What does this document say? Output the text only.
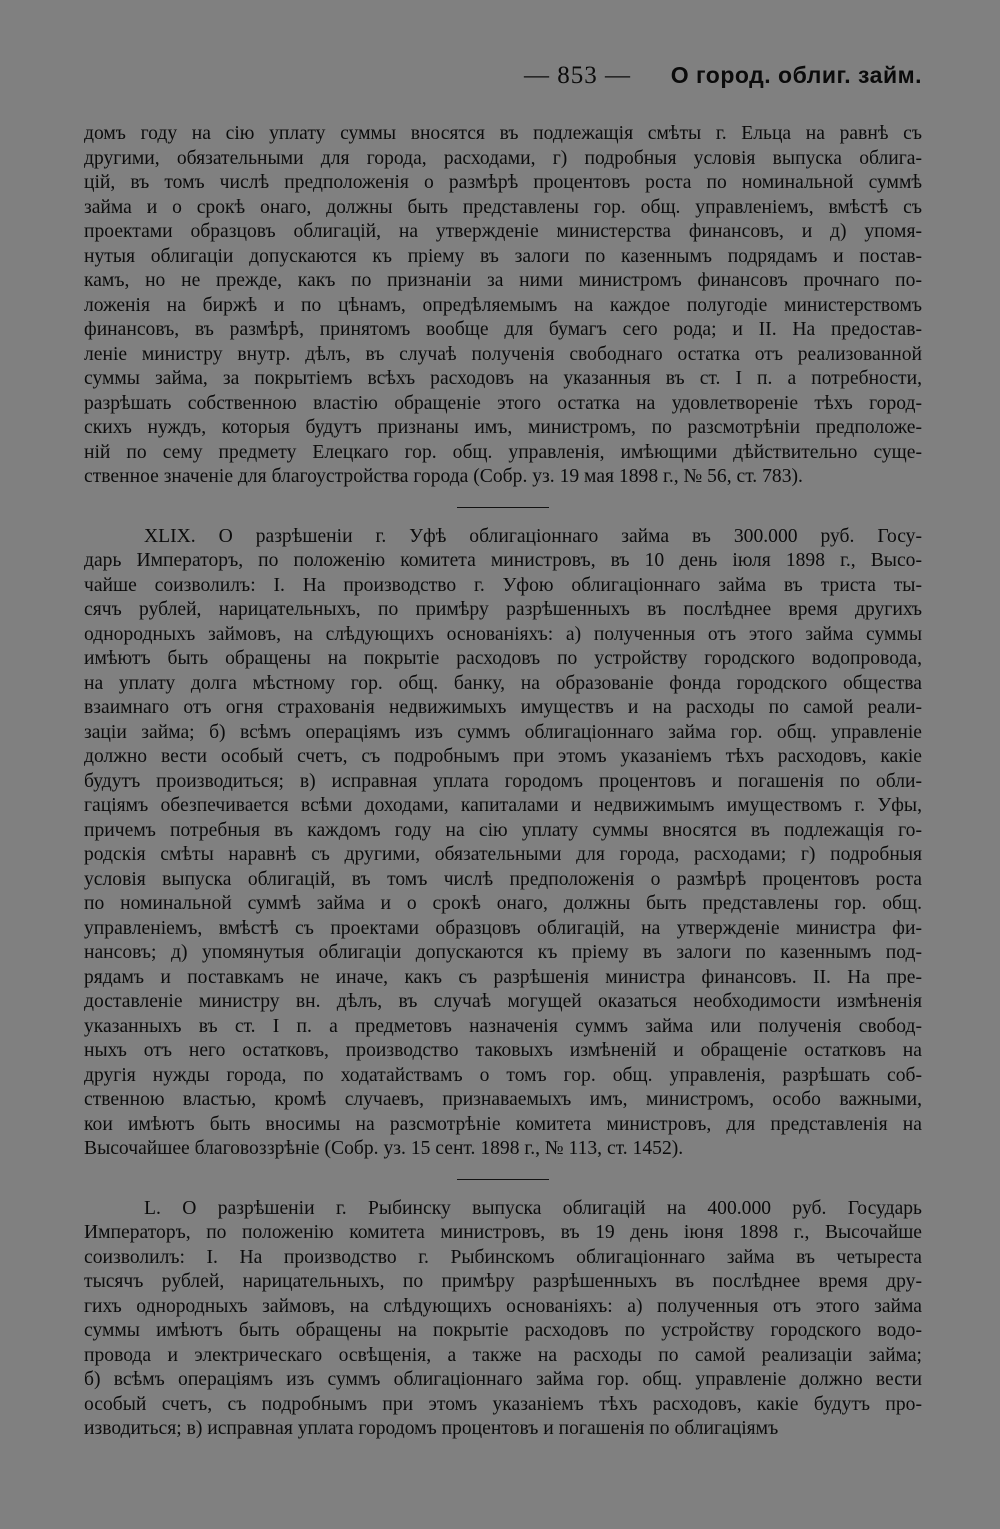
— 853 — О город. облиг. займ.
домъ году на сію уплату суммы вносятся въ подлежащія смѣты г. Ельца на равнѣ съ
другими, обязательными для города, расходами, г) подробныя условія выпуска облига-
цій, въ томъ числѣ предположенія о размѣрѣ процентовъ роста по номинальной суммѣ
займа и о срокѣ онаго, должны быть представлены гор. общ. управленіемъ, вмѣстѣ съ
проектами образцовъ облигацій, на утвержденіе министерства финансовъ, и д) упомя-
нутыя облигаціи допускаются къ пріему въ залоги по казеннымъ подрядамъ и постав-
камъ, но не прежде, какъ по признаніи за ними министромъ финансовъ прочнаго по-
ложенія на биржѣ и по цѣнамъ, опредѣляемымъ на каждое полугодіе министерствомъ
финансовъ, въ размѣрѣ, принятомъ вообще для бумагъ сего рода; и II. На предостав-
леніе министру внутр. дѣлъ, въ случаѣ полученія свободнаго остатка отъ реализованной
суммы займа, за покрытіемъ всѣхъ расходовъ на указанныя въ ст. I п. а потребности,
разрѣшать собственною властію обращеніе этого остатка на удовлетвореніе тѣхъ город-
скихъ нуждъ, которыя будутъ признаны имъ, министромъ, по разсмотрѣніи предположе-
ній по сему предмету Елецкаго гор. общ. управленія, имѣющими дѣйствительно суще-
ственное значеніе для благоустройства города (Собр. уз. 19 мая 1898 г., № 56, ст. 783).
XLIX. О разрѣшеніи г. Уфѣ облигаціоннаго займа въ 300.000 руб. Госу-
дарь Императоръ, по положенію комитета министровъ, въ 10 день іюля 1898 г., Высо-
чайше соизволилъ: I. На производство г. Уфою облигаціоннаго займа въ триста ты-
сячъ рублей, нарицательныхъ, по примѣру разрѣшенныхъ въ послѣднее время другихъ
однородныхъ займовъ, на слѣдующихъ основаніяхъ: а) полученныя отъ этого займа суммы
имѣютъ быть обращены на покрытіе расходовъ по устройству городского водопровода,
на уплату долга мѣстному гор. общ. банку, на образованіе фонда городского общества
взаимнаго отъ огня страхованія недвижимыхъ имуществъ и на расходы по самой реали-
заціи займа; б) всѣмъ операціямъ изъ суммъ облигаціоннаго займа гор. общ. управленіе
должно вести особый счетъ, съ подробнымъ при этомъ указаніемъ тѣхъ расходовъ, какіе
будутъ производиться; в) исправная уплата городомъ процентовъ и погашенія по обли-
гаціямъ обезпечивается всѣми доходами, капиталами и недвижимымъ имуществомъ г. Уфы,
причемъ потребныя въ каждомъ году на сію уплату суммы вносятся въ подлежащія го-
родскія смѣты наравнѣ съ другими, обязательными для города, расходами; г) подробныя
условія выпуска облигацій, въ томъ числѣ предположенія о размѣрѣ процентовъ роста
по номинальной суммѣ займа и о срокѣ онаго, должны быть представлены гор. общ.
управленіемъ, вмѣстѣ съ проектами образцовъ облигацій, на утвержденіе министра фи-
нансовъ; д) упомянутыя облигаціи допускаются къ пріему въ залоги по казеннымъ под-
рядамъ и поставкамъ не иначе, какъ съ разрѣшенія министра финансовъ. II. На пре-
доставленіе министру вн. дѣлъ, въ случаѣ могущей оказаться необходимости измѣненія
указанныхъ въ ст. I п. а предметовъ назначенія суммъ займа или полученія свобод-
ныхъ отъ него остатковъ, производство таковыхъ измѣненій и обращеніе остатковъ на
другія нужды города, по ходатайствамъ о томъ гор. общ. управленія, разрѣшать соб-
ственною властью, кромѣ случаевъ, признаваемыхъ имъ, министромъ, особо важными,
кои имѣютъ быть вносимы на разсмотрѣніе комитета министровъ, для представленія на
Высочайшее благовоззрѣніе (Собр. уз. 15 сент. 1898 г., № 113, ст. 1452).
L. О разрѣшеніи г. Рыбинску выпуска облигацій на 400.000 руб. Государь
Императоръ, по положенію комитета министровъ, въ 19 день іюня 1898 г., Высочайше
соизволилъ: I. На производство г. Рыбинскомъ облигаціоннаго займа въ четыреста
тысячъ рублей, нарицательныхъ, по примѣру разрѣшенныхъ въ послѣднее время дру-
гихъ однородныхъ займовъ, на слѣдующихъ основаніяхъ: а) полученныя отъ этого займа
суммы имѣютъ быть обращены на покрытіе расходовъ по устройству городского водо-
провода и электрическаго освѣщенія, а также на расходы по самой реализаціи займа;
б) всѣмъ операціямъ изъ суммъ облигаціоннаго займа гор. общ. управленіе должно вести
особый счетъ, съ подробнымъ при этомъ указаніемъ тѣхъ расходовъ, какіе будутъ про-
изводиться; в) исправная уплата городомъ процентовъ и погашенія по облигаціямъ
